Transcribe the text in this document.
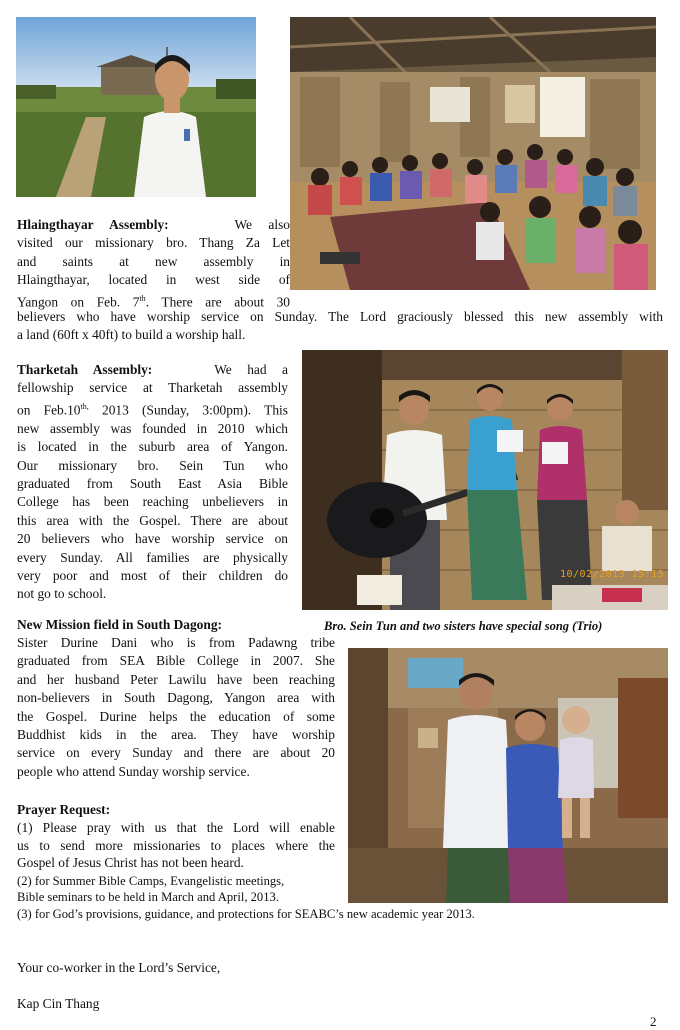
Hlaingthayar Assembly:	We also
visited our missionary bro. Thang Za Let
and saints at new assembly in
Hlaingthayar, located in west side of
Yangon on Feb. 7th. There are about 30
believers who have worship service on Sunday. The Lord graciously blessed this new assembly with
a land (60ft x 40ft) to build a worship hall.
10/02/2013 15:15
Tharketah Assembly:	We had a
fellowship service at Tharketah assembly
on $Feb.10^{th,}$ 2013 (Sunday, 3:00pm). This
new assembly was founded in 2010 which
is located in the suburb area of Yangon.
Our missionary bro. Sein Tun who
graduated from South East Asia Bible
College has been reaching unbelievers in
this area with the Gospel. There are about
20 believers who have worship service on
every Sunday. All families are physically
very poor and most of their children do
not go to school.
New Mission field in South Dagong:	Bro. Sein Tun and two sisters have special song (Trio)
Sister Durine Dani who is from Padawng tribe
graduated from SEA Bible College in 2007. She
and her husband Peter Lawilu have been reaching
non-believers in South Dagong, Yangon area with
the Gospel. Durine helps the education of some
Buddhist kids in the area. They have worship
service on every Sunday and there are about 20
people who attend Sunday worship service.
Prayer Request:
(1) Please pray with us that the Lord will enable
us to send more missionaries to places where the
Gospel of Jesus Christ has not been heard.
(2) for Summer Bible Camps, Evangelistic meetings,
Bible seminars to be held in March and April, 2013.
(3) for God’s provisions, guidance, and protections for SEABC’s new academic year 2013.
Your co-worker in the Lord’s Service,
Kap Cin Thang
2
